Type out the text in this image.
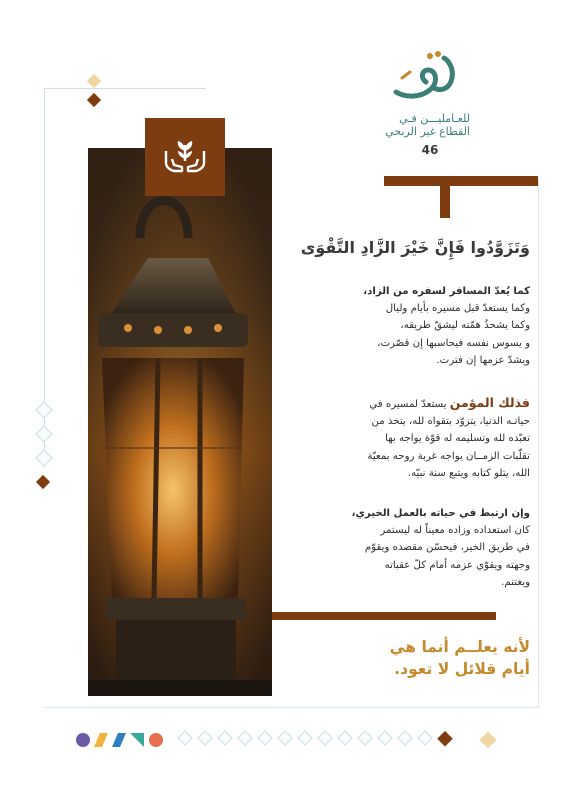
للعـامليـــن فـي
القطاع غير الربحي
46
وَتَزَوَّدُوا فَإِنَّ خَيْرَ الزَّادِ التَّقْوَى
كما يُعدّ المسافر لسفره من الزاد،
وكما يستعدّ قبل مسيره بأيام وليال
وكما يشحذُ همّته ليشقّ طريقه،
و يسوس نفسه فيحاسبها إن قصّرت،
ويشدّ عزمها إن فترت.
فذلك المؤمن يستعدّ لمسيره في
حياتـه الدنيا، يتزوّد بتقواه لله، يتخذ من
تعبّده لله وتسليمه له قوّة يواجه بها
تقلّبات الزمــان يواجه غربة روحه بمعيّة
الله، يتلو كتابه ويتبع سنة نبيّه.
وإن ارتبط في حياته بالعمل الخيري،
كان استعداده وزاده معيناً له ليستمر
في طريق الخير، فيحسّن مقصده ويقوّم
وجهته ويقوّي عزمه أمام كلّ عقباته
ويغتنم.
لأنه يعلــم أنما هي
أيام قلائل لا تعود.
